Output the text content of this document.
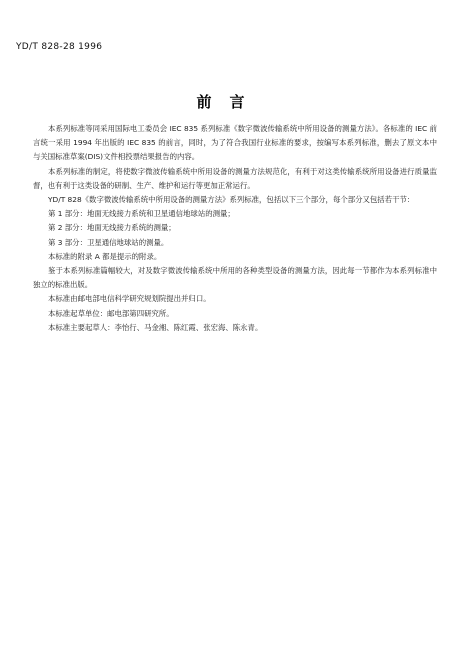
YD/T 828-28 1996
前言

本系列标准等同采用国际电工委员会 IEC 835 系列标准《数字微波传输系统中所用设备的测量方法》。各标准的 IEC 前言统一采用 1994 年出版的 IEC 835 的前言，同时，为了符合我国行业标准的要求，按编写本系列标准，删去了原文本中与关国标准草案(DIS)文件相投票结果报告的内容。

本系列标准的制定，将使数字微波传输系统中所用设备的测量方法规范化，有利于对这类传输系统所用设备进行质量监督，也有利于这类设备的研制、生产、维护和运行等更加正常运行。

YD/T 828《数字微波传输系统中所用设备的测量方法》系列标准，包括以下三个部分，每个部分又包括若干节：

第 1 部分：地面无线接力系统和卫星通信地球站的测量；

第 2 部分：地面无线接力系统的测量；

第 3 部分：卫星通信地球站的测量。

本标准的附录 A 都是提示的附录。

鉴于本系列标准篇幅较大，对及数字微波传输系统中所用的各种类型设备的测量方法，因此每一节都作为本系列标准中独立的标准出版。

本标准由邮电部电信科学研究规划院提出并归口。

本标准起草单位：邮电部第四研究所。

本标准主要起草人：李怡行、马金湘、陈红霞、张宏海、陈永青。
